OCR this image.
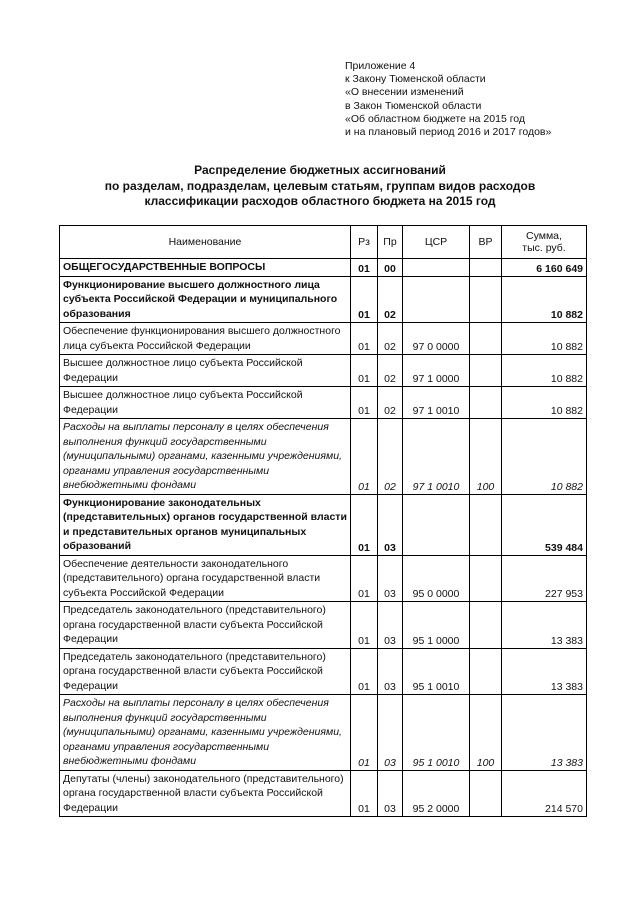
Приложение 4
к Закону Тюменской области
«О внесении изменений
в Закон Тюменской области
«Об областном бюджете на 2015 год
и на плановый период 2016 и 2017 годов»
Распределение бюджетных ассигнований
по разделам, подразделам, целевым статьям, группам видов расходов
классификации расходов областного бюджета на 2015 год
Наименование	Рз	Пр	ЦСР	ВР	Сумма,
тыс. руб.

ОБЩЕГОСУДАРСТВЕННЫЕ ВОПРОСЫ	01	00			6 160 649
Функционирование высшего должностного лица субъекта Российской Федерации и муниципального образования	01	02			10 882
Обеспечение функционирования высшего должностного лица субъекта Российской Федерации	01	02	97 0 0000		10 882
Высшее должностное лицо субъекта Российской Федерации	01	02	97 1 0000		10 882
Высшее должностное лицо субъекта Российской Федерации	01	02	97 1 0010		10 882
Расходы на выплаты персоналу в целях обеспечения выполнения функций государственными (муниципальными) органами, казенными учреждениями, органами управления государственными внебюджетными фондами	01	02	97 1 0010	100	10 882
Функционирование законодательных (представительных) органов государственной власти и представительных органов муниципальных образований	01	03			539 484
Обеспечение деятельности законодательного (представительного) органа государственной власти субъекта Российской Федерации	01	03	95 0 0000		227 953
Председатель законодательного (представительного) органа государственной власти субъекта Российской Федерации	01	03	95 1 0000		13 383
Председатель законодательного (представительного) органа государственной власти субъекта Российской Федерации	01	03	95 1 0010		13 383
Расходы на выплаты персоналу в целях обеспечения выполнения функций государственными (муниципальными) органами, казенными учреждениями, органами управления государственными внебюджетными фондами	01	03	95 1 0010	100	13 383
Депутаты (члены) законодательного (представительного) органа государственной власти субъекта Российской Федерации	01	03	95 2 0000		214 570
